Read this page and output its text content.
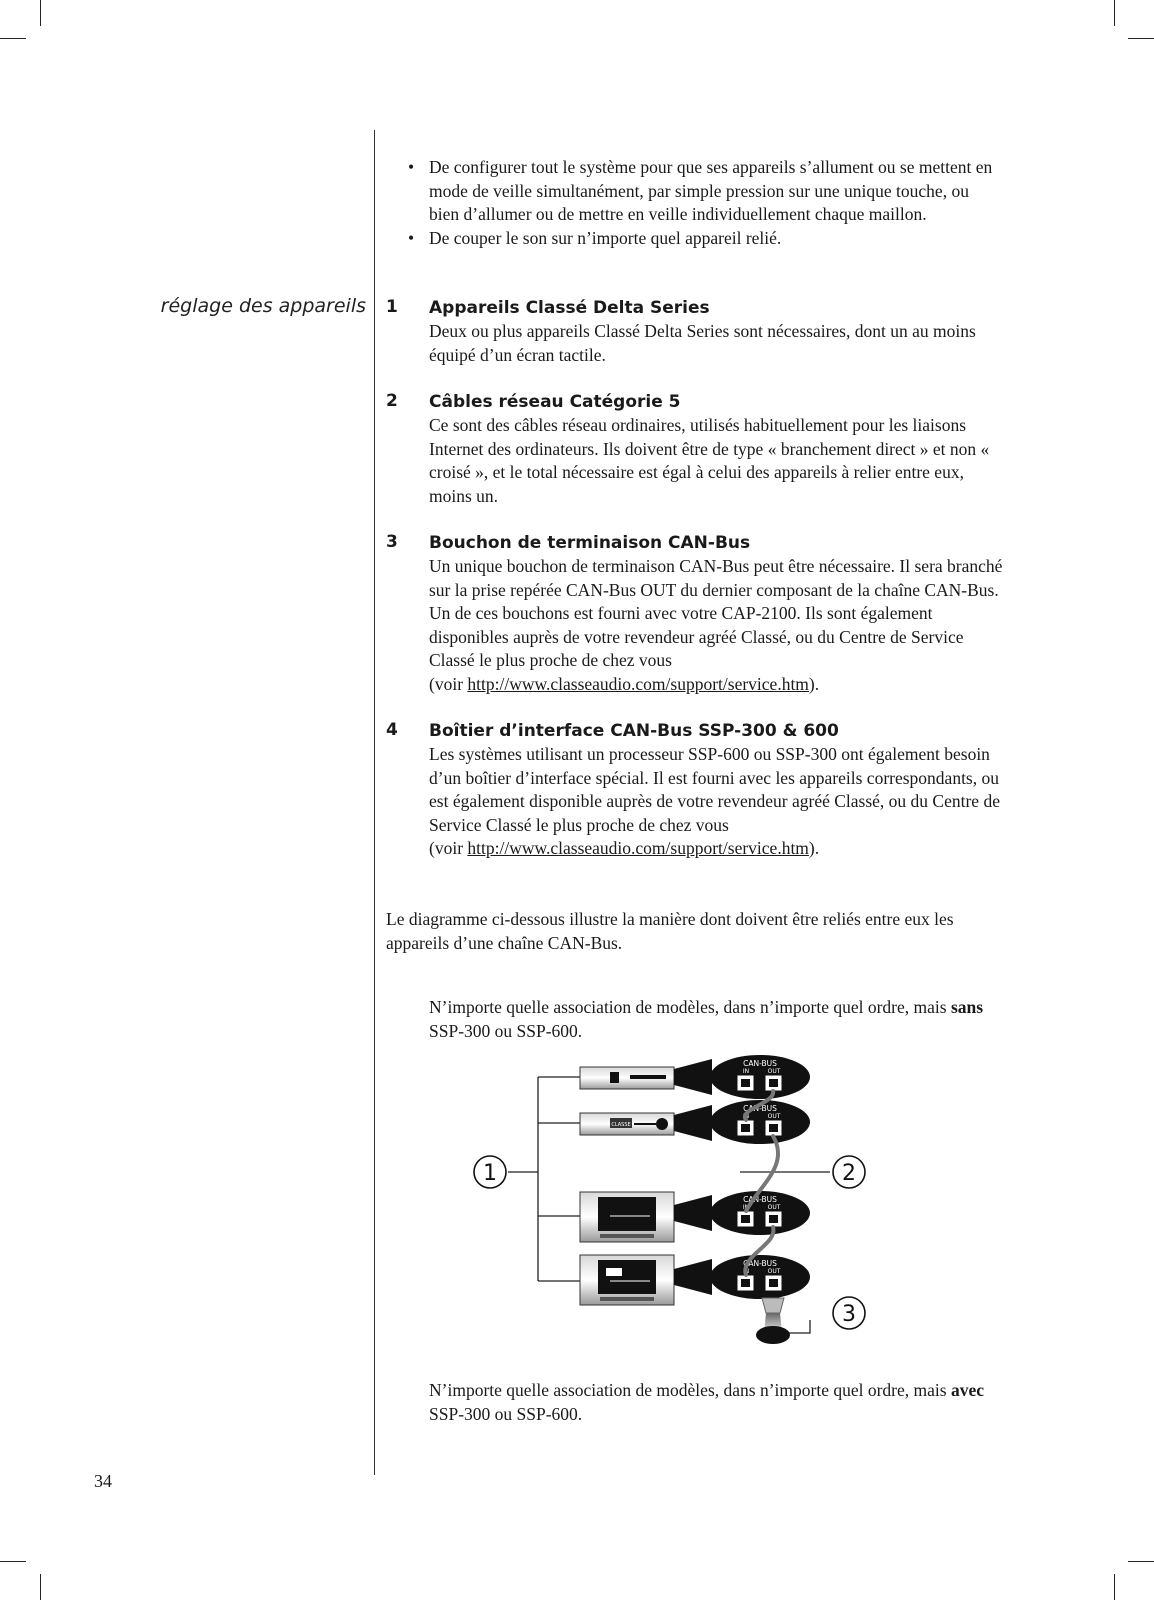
réglage des appareils
• De configurer tout le système pour que ses appareils s’allument ou se mettent en mode de veille simultanément, par simple pression sur une unique touche, ou bien d’allumer ou de mettre en veille individuellement chaque maillon.
• De couper le son sur n’importe quel appareil relié.
1 Appareils Classé Delta Series
Deux ou plus appareils Classé Delta Series sont nécessaires, dont un au moins équipé d’un écran tactile.
2 Câbles réseau Catégorie 5
Ce sont des câbles réseau ordinaires, utilisés habituellement pour les liaisons Internet des ordinateurs. Ils doivent être de type « branchement direct » et non « croisé », et le total nécessaire est égal à celui des appareils à relier entre eux, moins un.
3 Bouchon de terminaison CAN-Bus
Un unique bouchon de terminaison CAN-Bus peut être nécessaire. Il sera branché sur la prise repérée CAN-Bus OUT du dernier composant de la chaîne CAN-Bus. Un de ces bouchons est fourni avec votre CAP-2100. Ils sont également disponibles auprès de votre revendeur agréé Classé, ou du Centre de Service Classé le plus proche de chez vous
(voir http://www.classeaudio.com/support/service.htm).
4 Boîtier d’interface CAN-Bus SSP-300 & 600
Les systèmes utilisant un processeur SSP-600 ou SSP-300 ont également besoin d’un boîtier d’interface spécial. Il est fourni avec les appareils correspondants, ou est également disponible auprès de votre revendeur agréé Classé, ou du Centre de Service Classé le plus proche de chez vous
(voir http://www.classeaudio.com/support/service.htm).
Le diagramme ci-dessous illustre la manière dont doivent être reliés entre eux les appareils d’une chaîne CAN-Bus.
N’importe quelle association de modèles, dans n’importe quel ordre, mais sans SSP-300 ou SSP-600.
CLASSE
CAN-BUS
IN	OUT
CAN-BUS
IN	OUT
CAN-BUS
IN	OUT
CAN-BUS
IN	OUT
1	2
3
N’importe quelle association de modèles, dans n’importe quel ordre, mais avec SSP-300 ou SSP-600.
34
